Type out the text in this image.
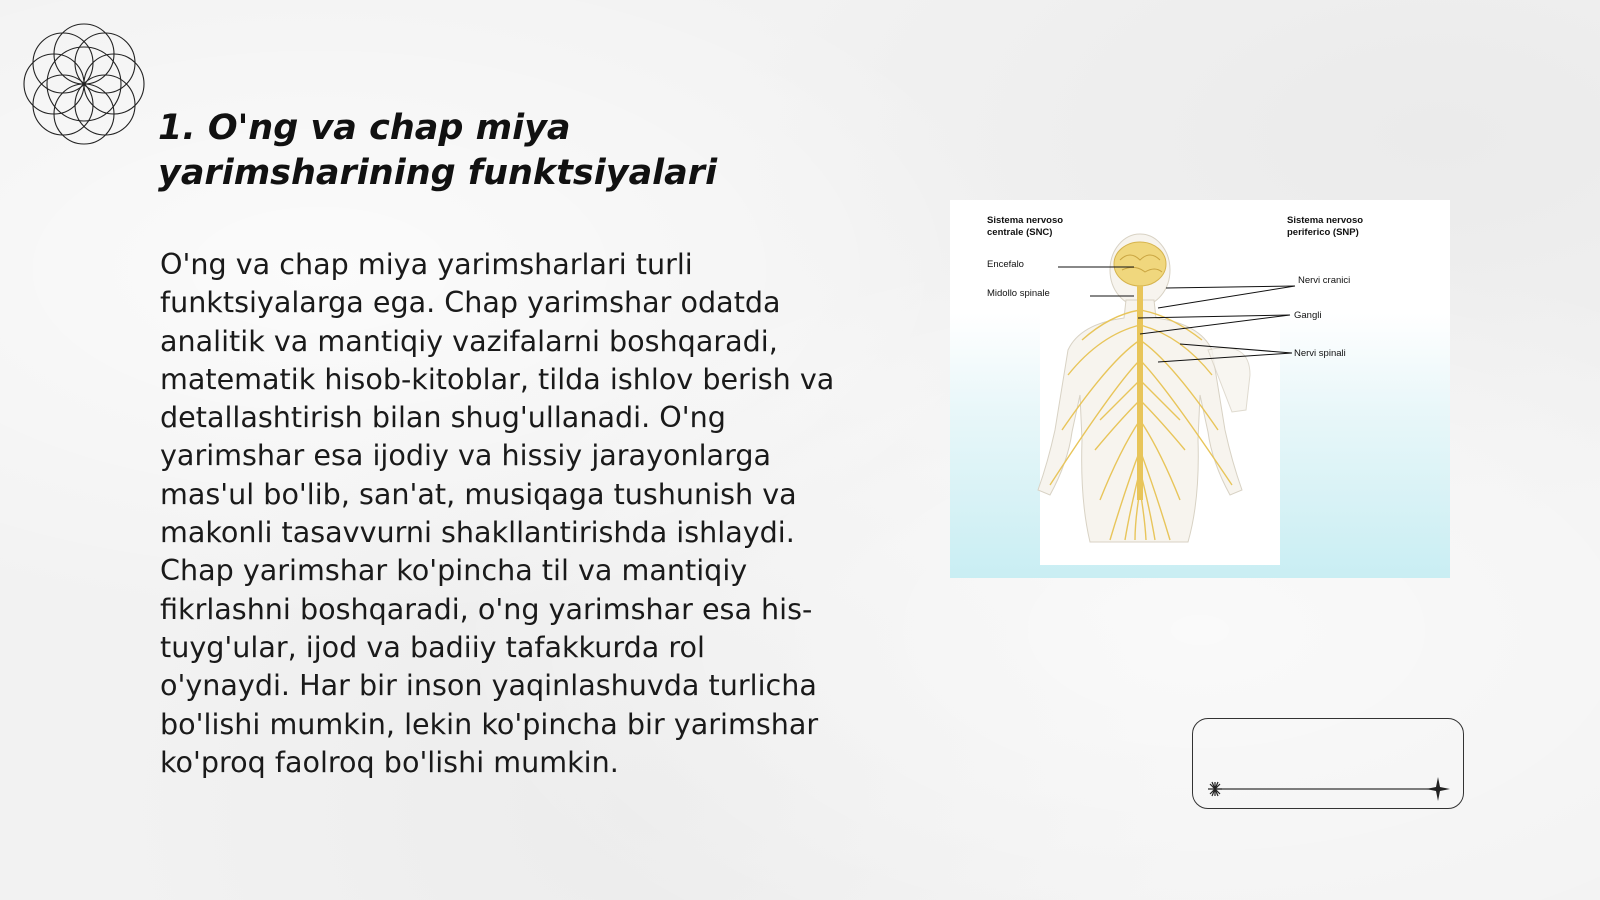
1. O'ng va chap miya yarimsharining funktsiyalari

O'ng va chap miya yarimsharlari turli funktsiyalarga ega. Chap yarimshar odatda analitik va mantiqiy vazifalarni boshqaradi, matematik hisob-kitoblar, tilda ishlov berish va detallashtirish bilan shug'ullanadi. O'ng yarimshar esa ijodiy va hissiy jarayonlarga mas'ul bo'lib, san'at, musiqaga tushunish va makonli tasavvurni shakllantirishda ishlaydi. Chap yarimshar ko'pincha til va mantiqiy fikrlashni boshqaradi, o'ng yarimshar esa his-tuyg'ular, ijod va badiiy tafakkurda rol o'ynaydi. Har bir inson yaqinlashuvda turlicha bo'lishi mumkin, lekin ko'pincha bir yarimshar ko'proq faolroq bo'lishi mumkin.

Sistema nervoso
centrale (SNC)
Sistema nervoso
periferico (SNP)
Encefalo
Midollo spinale
Nervi cranici
Gangli
Nervi spinali
